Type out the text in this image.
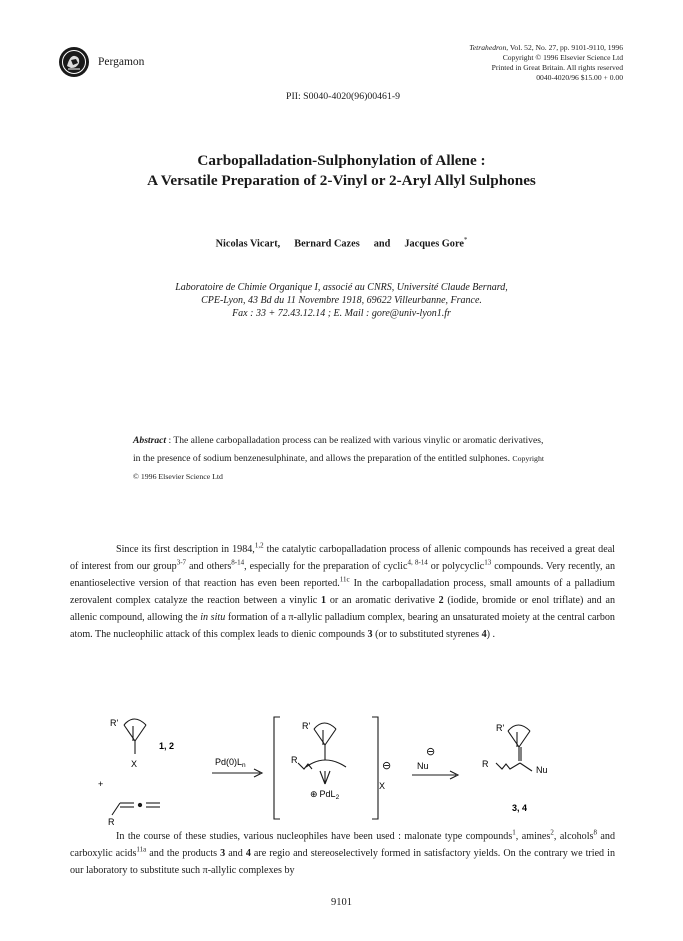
Pergamon
Tetrahedron, Vol. 52, No. 27, pp. 9101-9110, 1996
Copyright © 1996 Elsevier Science Ltd
Printed in Great Britain. All rights reserved
0040-4020/96 $15.00 + 0.00
PII: S0040-4020(96)00461-9
Carbopalladation-Sulphonylation of Allene :
A Versatile Preparation of 2-Vinyl or 2-Aryl Allyl Sulphones
Nicolas Vicart, Bernard Cazes and Jacques Gore*
Laboratoire de Chimie Organique I, associé au CNRS, Université Claude Bernard,
CPE-Lyon, 43 Bd du 11 Novembre 1918, 69622 Villeurbanne, France.
Fax : 33 + 72.43.12.14 ; E. Mail : gore@univ-lyon1.fr
Abstract : The allene carbopalladation process can be realized with various vinylic or aromatic derivatives, in the presence of sodium benzenesulphinate, and allows the preparation of the entitled sulphones. Copyright © 1996 Elsevier Science Ltd

Since its first description in 1984,$^{1,2}$ the catalytic carbopalladation process of allenic compounds has received a great deal of interest from our group$^{3-7}$ and others$^{8-14}$, especially for the preparation of cyclic$^{4, 8-14}$ or polycyclic$^{13}$ compounds. Very recently, an enantioselective version of that reaction has even been reported.$^{11c}$ In the carbopalladation process, small amounts of a palladium zerovalent complex catalyze the reaction between a vinylic 1 or an aromatic derivative 2 (iodide, bromide or enol triflate) and an allenic compound, allowing the in situ formation of a π-allylic palladium complex, bearing an unsaturated moiety at the central carbon atom. The nucleophilic attack of this complex leads to dienic compounds 3 (or to substituted styrenes 4) .

R'
X
1, 2
+
R
$Pd(0)L_n$
R'
R
⊕ PdL$_2$
⊖
X
⊖
Nu
R'
R
Nu
3, 4

In the course of these studies, various nucleophiles have been used : malonate type compounds$^1$, amines$^2$, alcohols$^8$ and carboxylic acids$^{11a}$ and the products 3 and 4 are regio and stereoselectively formed in satisfactory yields. On the contrary we tried in our laboratory to substitute such π-allylic complexes by

9101
